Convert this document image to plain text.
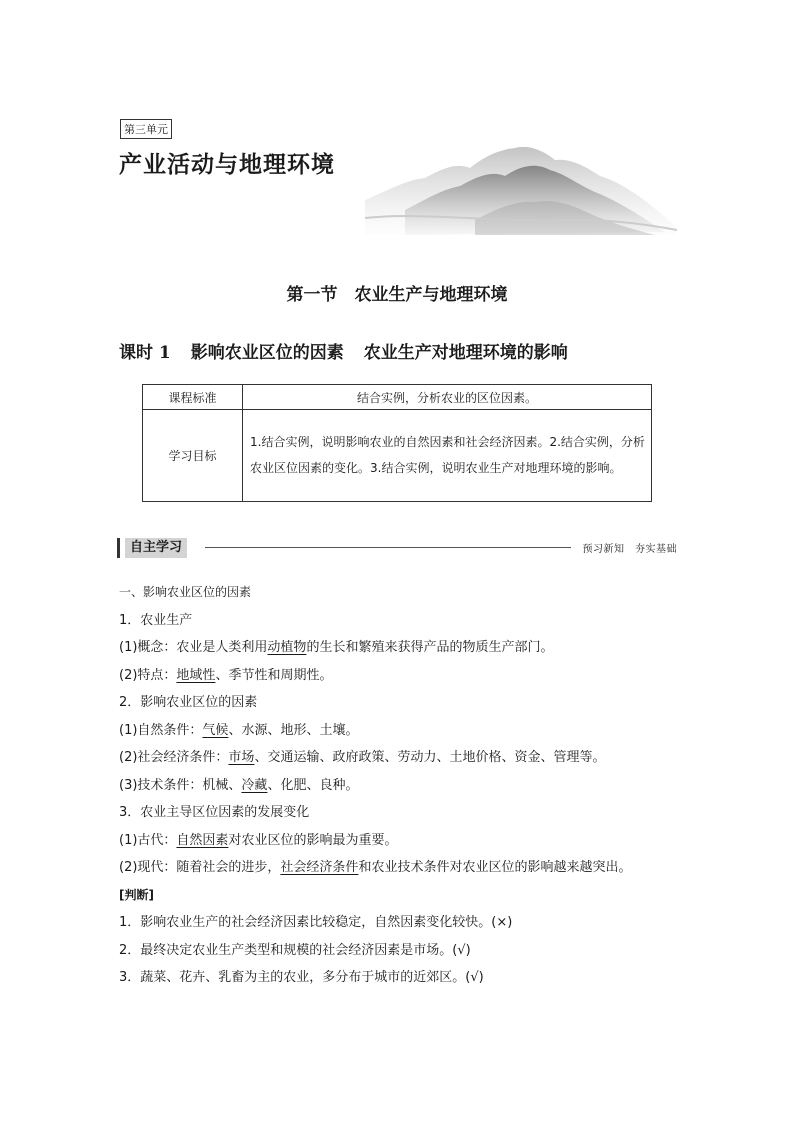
第三单元
产业活动与地理环境
第一节　农业生产与地理环境
课时 1 影响农业区位的因素 农业生产对地理环境的影响
课程标准	结合实例，分析农业的区位因素。
学习目标	1.结合实例，说明影响农业的自然因素和社会经济因素。2.结合实例，分析农业区位因素的变化。3.结合实例，说明农业生产对地理环境的影响。
自主学习	预习新知　夯实基础
一、影响农业区位的因素
1．农业生产
(1)概念：农业是人类利用动植物的生长和繁殖来获得产品的物质生产部门。
(2)特点：地域性、季节性和周期性。
2．影响农业区位的因素
(1)自然条件：气候、水源、地形、土壤。
(2)社会经济条件：市场、交通运输、政府政策、劳动力、土地价格、资金、管理等。
(3)技术条件：机械、冷藏、化肥、良种。
3．农业主导区位因素的发展变化
(1)古代：自然因素对农业区位的影响最为重要。
(2)现代：随着社会的进步，社会经济条件和农业技术条件对农业区位的影响越来越突出。
[判断]
1．影响农业生产的社会经济因素比较稳定，自然因素变化较快。(×)
2．最终决定农业生产类型和规模的社会经济因素是市场。(√)
3．蔬菜、花卉、乳畜为主的农业，多分布于城市的近郊区。(√)
